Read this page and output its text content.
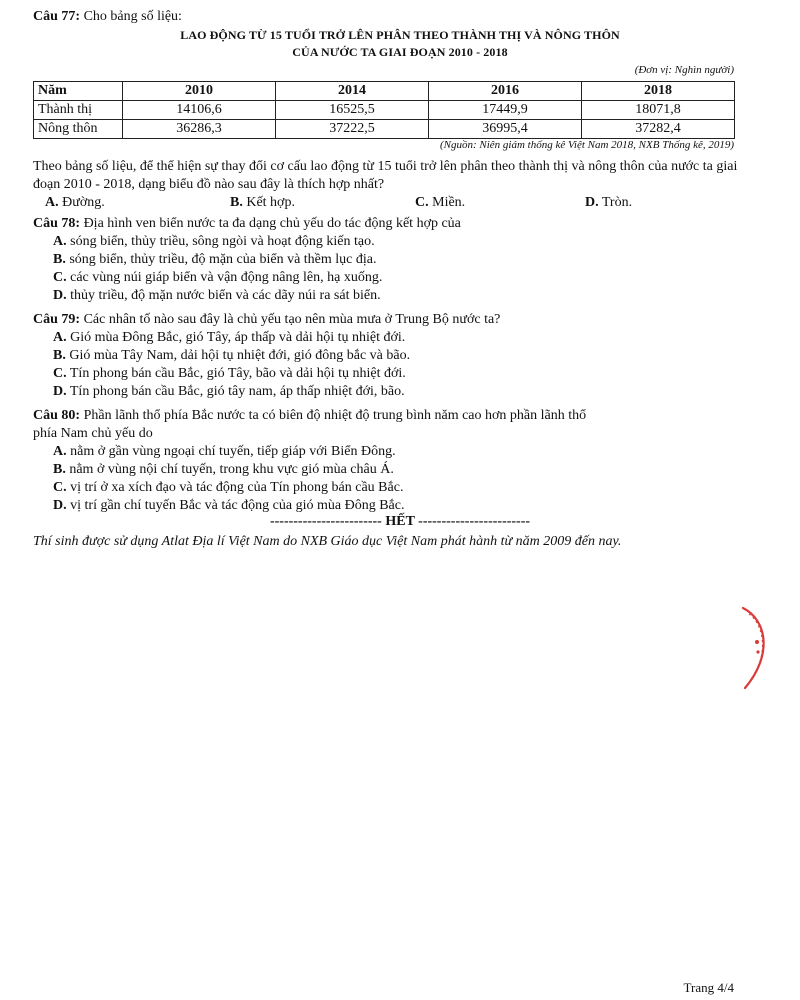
Câu 77: Cho bảng số liệu:
LAO ĐỘNG TỪ 15 TUỔI TRỞ LÊN PHÂN THEO THÀNH THỊ VÀ NÔNG THÔN
CỦA NƯỚC TA GIAI ĐOẠN 2010 - 2018
(Đơn vị: Nghìn người)
Năm	2010	2014	2016	2018
Thành thị	14106,6	16525,5	17449,9	18071,8
Nông thôn	36286,3	37222,5	36995,4	37282,4
(Nguồn: Niên giám thống kê Việt Nam 2018, NXB Thống kê, 2019)
Theo bảng số liệu, để thể hiện sự thay đổi cơ cấu lao động từ 15 tuổi trở lên phân theo thành thị và nông thôn của nước ta giai đoạn 2010 - 2018, dạng biểu đồ nào sau đây là thích hợp nhất?
A. Đường.	B. Kết hợp.	C. Miền.	D. Tròn.
Câu 78: Địa hình ven biển nước ta đa dạng chủ yếu do tác động kết hợp của
A. sóng biển, thủy triều, sông ngòi và hoạt động kiến tạo.
B. sóng biển, thủy triều, độ mặn của biển và thềm lục địa.
C. các vùng núi giáp biển và vận động nâng lên, hạ xuống.
D. thủy triều, độ mặn nước biển và các dãy núi ra sát biển.
Câu 79: Các nhân tố nào sau đây là chủ yếu tạo nên mùa mưa ở Trung Bộ nước ta?
A. Gió mùa Đông Bắc, gió Tây, áp thấp và dải hội tụ nhiệt đới.
B. Gió mùa Tây Nam, dải hội tụ nhiệt đới, gió đông bắc và bão.
C. Tín phong bán cầu Bắc, gió Tây, bão và dải hội tụ nhiệt đới.
D. Tín phong bán cầu Bắc, gió tây nam, áp thấp nhiệt đới, bão.
Câu 80: Phần lãnh thổ phía Bắc nước ta có biên độ nhiệt độ trung bình năm cao hơn phần lãnh thổ
phía Nam chủ yếu do
A. nằm ở gần vùng ngoại chí tuyến, tiếp giáp với Biển Đông.
B. nằm ở vùng nội chí tuyến, trong khu vực gió mùa châu Á.
C. vị trí ở xa xích đạo và tác động của Tín phong bán cầu Bắc.
D. vị trí gần chí tuyến Bắc và tác động của gió mùa Đông Bắc.
------------------------ HẾT ------------------------
Thí sinh được sử dụng Atlat Địa lí Việt Nam do NXB Giáo dục Việt Nam phát hành từ năm 2009 đến nay.
Trang 4/4
